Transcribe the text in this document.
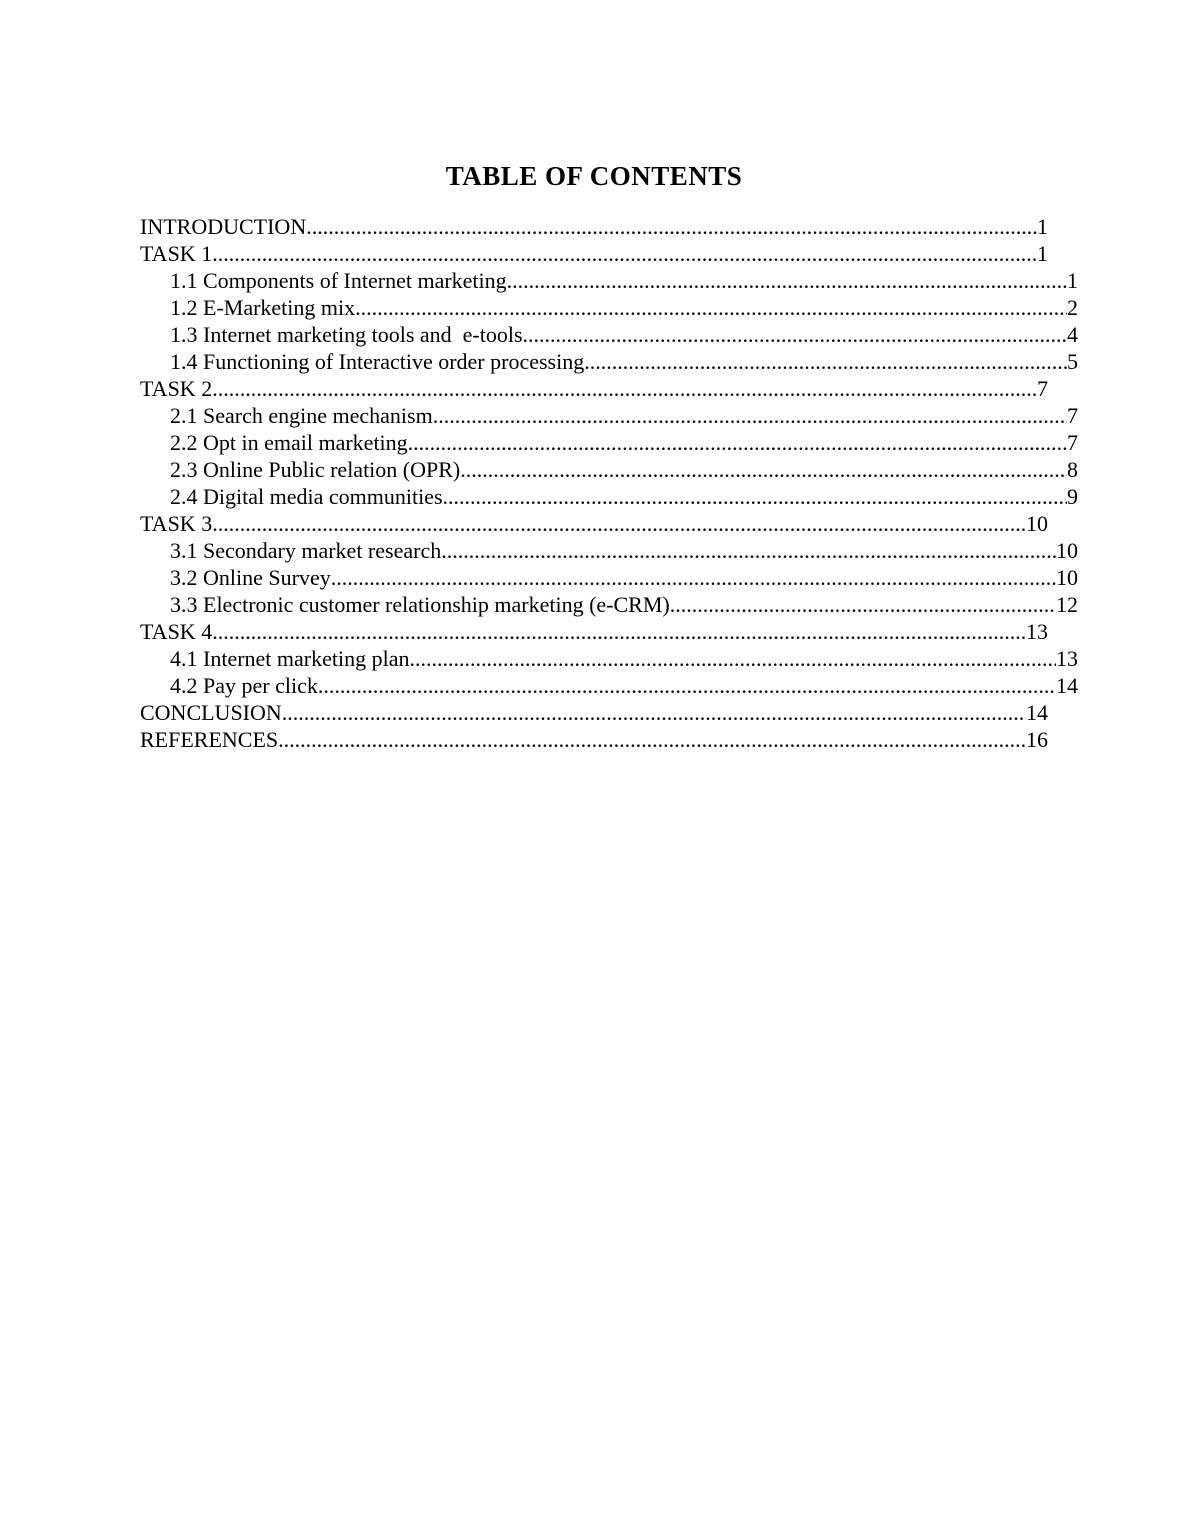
TABLE OF CONTENTS
INTRODUCTION .....	1
TASK 1 .....	1
1.1 Components of Internet marketing .....	1
1.2 E-Marketing mix .....	2
1.3 Internet marketing tools and  e-tools .....	4
1.4 Functioning of Interactive order processing .....	5
TASK 2 .....	7
2.1 Search engine mechanism .....	7
2.2 Opt in email marketing .....	7
2.3 Online Public relation (OPR) .....	8
2.4 Digital media communities .....	9
TASK 3 .....	10
3.1 Secondary market research .....	10
3.2 Online Survey .....	10
3.3 Electronic customer relationship marketing (e-CRM) .....	12
TASK 4 .....	13
4.1 Internet marketing plan .....	13
4.2 Pay per click .....	14
CONCLUSION .....	14
REFERENCES .....	16
